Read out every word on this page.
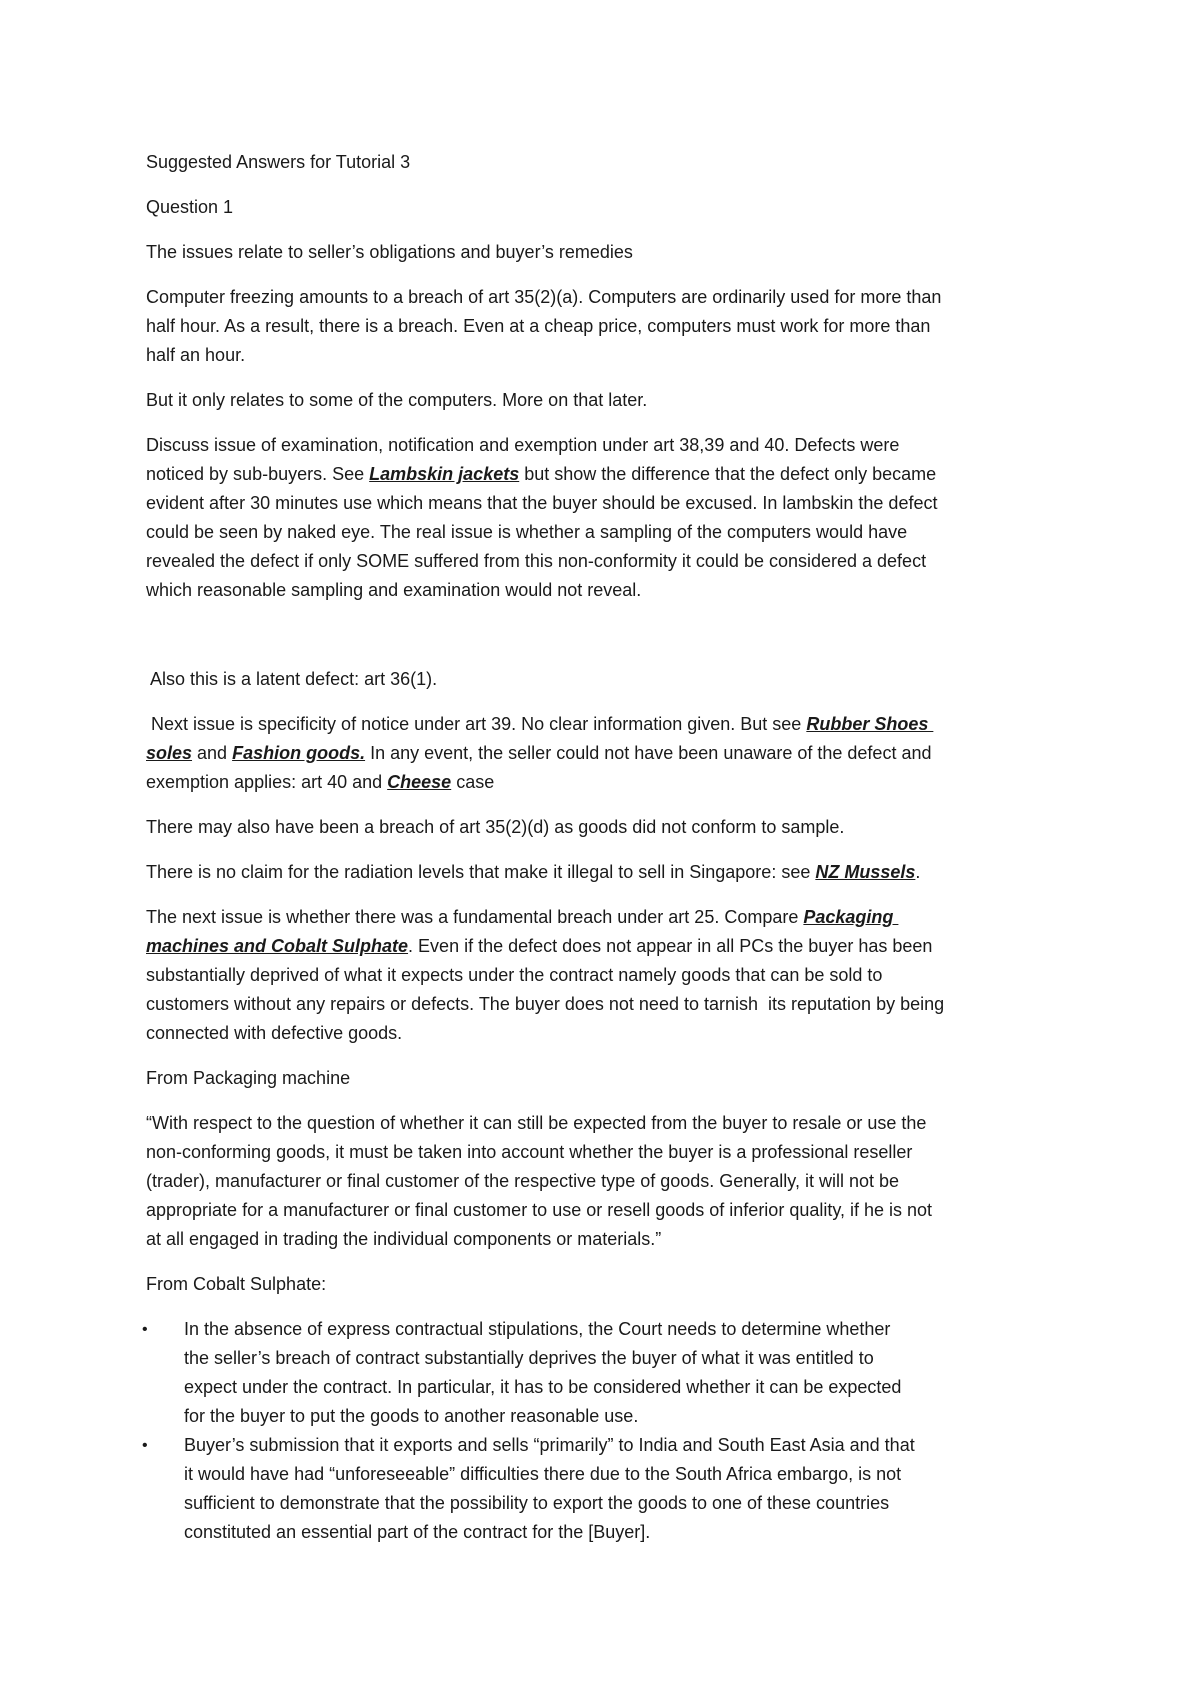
Suggested Answers for Tutorial 3

Question 1

The issues relate to seller’s obligations and buyer’s remedies

Computer freezing amounts to a breach of art 35(2)(a). Computers are ordinarily used for more than

half hour. As a result, there is a breach. Even at a cheap price, computers must work for more than

half an hour.

But it only relates to some of the computers. More on that later.

Discuss issue of examination, notification and exemption under art 38,39 and 40. Defects were

noticed by sub-buyers. See Lambskin jackets but show the difference that the defect only became

evident after 30 minutes use which means that the buyer should be excused. In lambskin the defect

could be seen by naked eye. The real issue is whether a sampling of the computers would have

revealed the defect if only SOME suffered from this non-conformity it could be considered a defect

which reasonable sampling and examination would not reveal.

Also this is a latent defect: art 36(1).

Next issue is specificity of notice under art 39. No clear information given. But see Rubber Shoes

soles and Fashion goods. In any event, the seller could not have been unaware of the defect and

exemption applies: art 40 and Cheese case

There may also have been a breach of art 35(2)(d) as goods did not conform to sample.

There is no claim for the radiation levels that make it illegal to sell in Singapore: see NZ Mussels.

The next issue is whether there was a fundamental breach under art 25. Compare Packaging

machines and Cobalt Sulphate. Even if the defect does not appear in all PCs the buyer has been

substantially deprived of what it expects under the contract namely goods that can be sold to

customers without any repairs or defects. The buyer does not need to tarnish  its reputation by being

connected with defective goods.

From Packaging machine

“With respect to the question of whether it can still be expected from the buyer to resale or use the

non-conforming goods, it must be taken into account whether the buyer is a professional reseller

(trader), manufacturer or final customer of the respective type of goods. Generally, it will not be

appropriate for a manufacturer or final customer to use or resell goods of inferior quality, if he is not

at all engaged in trading the individual components or materials.”

From Cobalt Sulphate:

• In the absence of express contractual stipulations, the Court needs to determine whether

the seller’s breach of contract substantially deprives the buyer of what it was entitled to

expect under the contract. In particular, it has to be considered whether it can be expected

for the buyer to put the goods to another reasonable use.

• Buyer’s submission that it exports and sells “primarily” to India and South East Asia and that

it would have had “unforeseeable” difficulties there due to the South Africa embargo, is not

sufficient to demonstrate that the possibility to export the goods to one of these countries

constituted an essential part of the contract for the [Buyer].
